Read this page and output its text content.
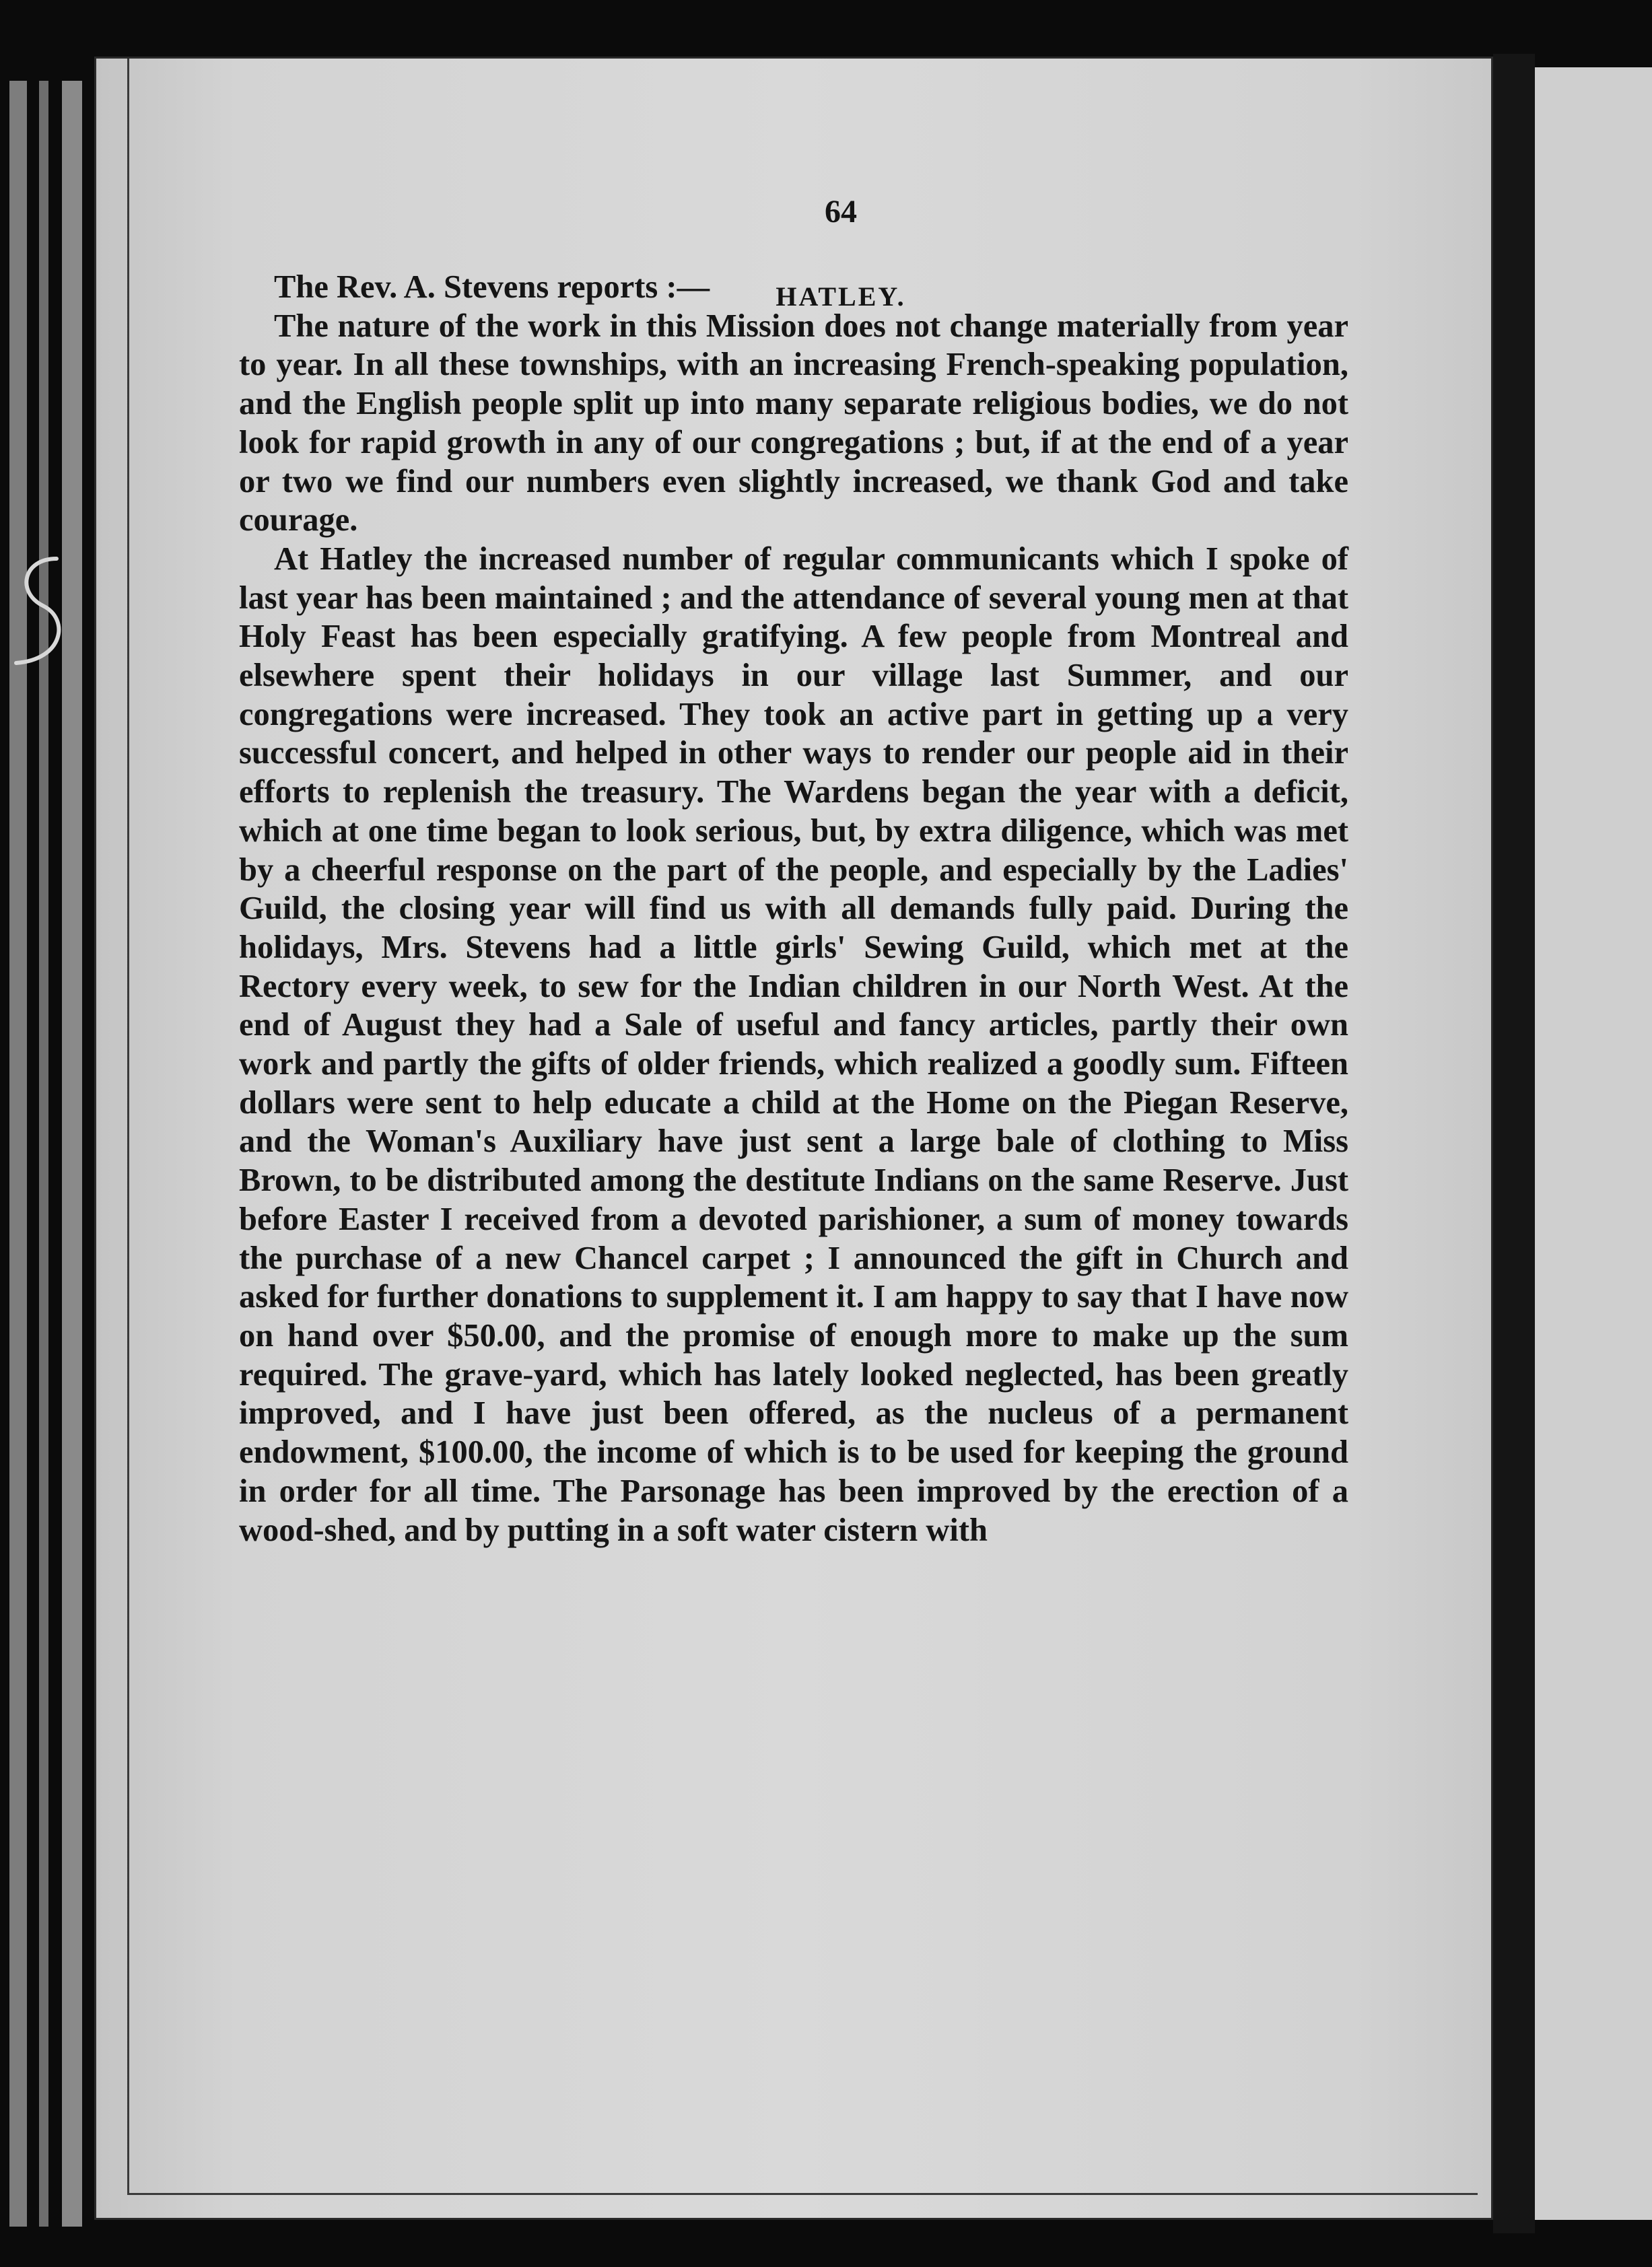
64
HATLEY.

The Rev. A. Stevens reports :—

The nature of the work in this Mission does not change materially from year to year. In all these townships, with an increasing French-speaking population, and the English people split up into many separate religious bodies, we do not look for rapid growth in any of our congregations ; but, if at the end of a year or two we find our numbers even slightly increased, we thank God and take courage.

At Hatley the increased number of regular communicants which I spoke of last year has been maintained ; and the attendance of several young men at that Holy Feast has been especially gratifying. A few people from Montreal and elsewhere spent their holidays in our village last Summer, and our congregations were increased. They took an active part in getting up a very successful concert, and helped in other ways to render our people aid in their efforts to replenish the treasury. The Wardens began the year with a deficit, which at one time began to look serious, but, by extra diligence, which was met by a cheerful response on the part of the people, and especially by the Ladies' Guild, the closing year will find us with all demands fully paid. During the holidays, Mrs. Stevens had a little girls' Sewing Guild, which met at the Rectory every week, to sew for the Indian children in our North West. At the end of August they had a Sale of useful and fancy articles, partly their own work and partly the gifts of older friends, which realized a goodly sum. Fifteen dollars were sent to help educate a child at the Home on the Piegan Reserve, and the Woman's Auxiliary have just sent a large bale of clothing to Miss Brown, to be distributed among the destitute Indians on the same Reserve. Just before Easter I received from a devoted parishioner, a sum of money towards the purchase of a new Chancel carpet ; I announced the gift in Church and asked for further donations to supplement it. I am happy to say that I have now on hand over $50.00, and the promise of enough more to make up the sum required. The grave-yard, which has lately looked neglected, has been greatly improved, and I have just been offered, as the nucleus of a permanent endowment, $100.00, the income of which is to be used for keeping the ground in order for all time. The Parsonage has been improved by the erection of a wood-shed, and by putting in a soft water cistern with
